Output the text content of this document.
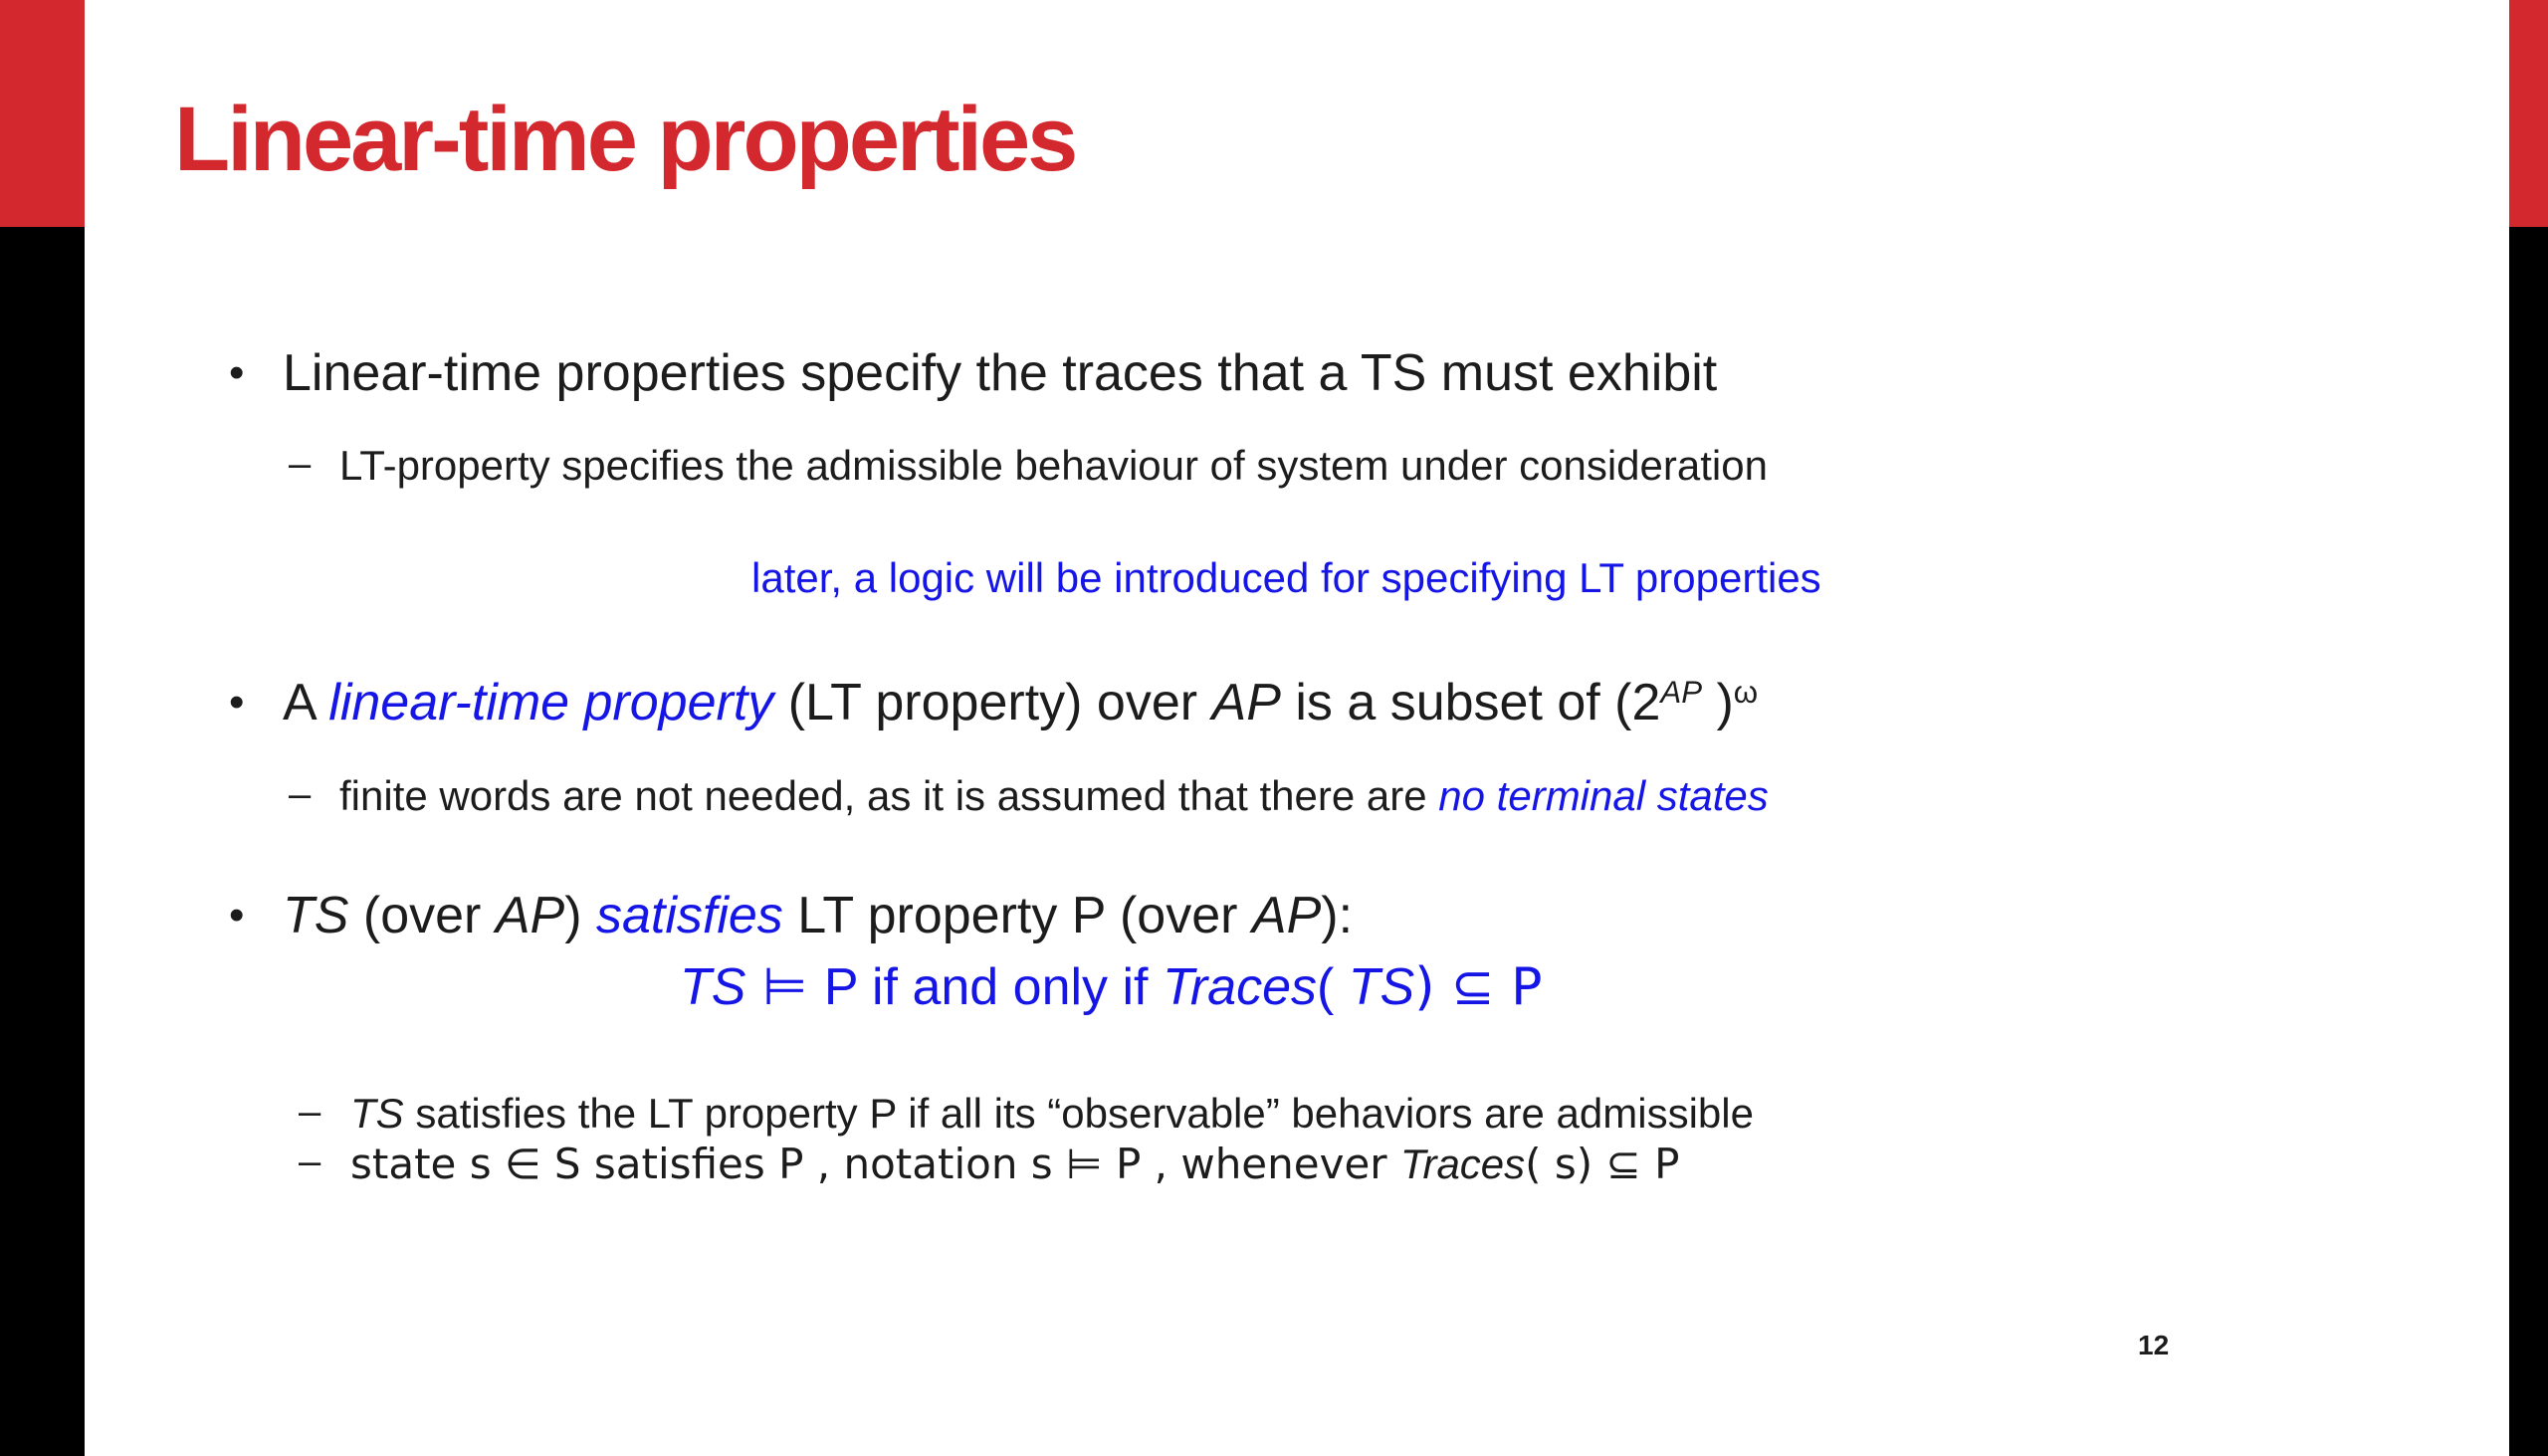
Linear-time properties
• Linear-time properties specify the traces that a TS must exhibit
– LT-property specifies the admissible behaviour of system under consideration
later, a logic will be introduced for specifying LT properties
• A linear-time property (LT property) over AP is a subset of ($2^{AP}$ )$^\omega$
– finite words are not needed, as it is assumed that there are no terminal states
• TS (over AP) satisfies LT property P (over AP):
TS ⊨ P if and only if Traces( TS) ⊆ P
– TS satisfies the LT property P if all its “observable” behaviors are admissible
– state s ∈ S satisfies P , notation s ⊨ P , whenever Traces( s) ⊆ P
12
